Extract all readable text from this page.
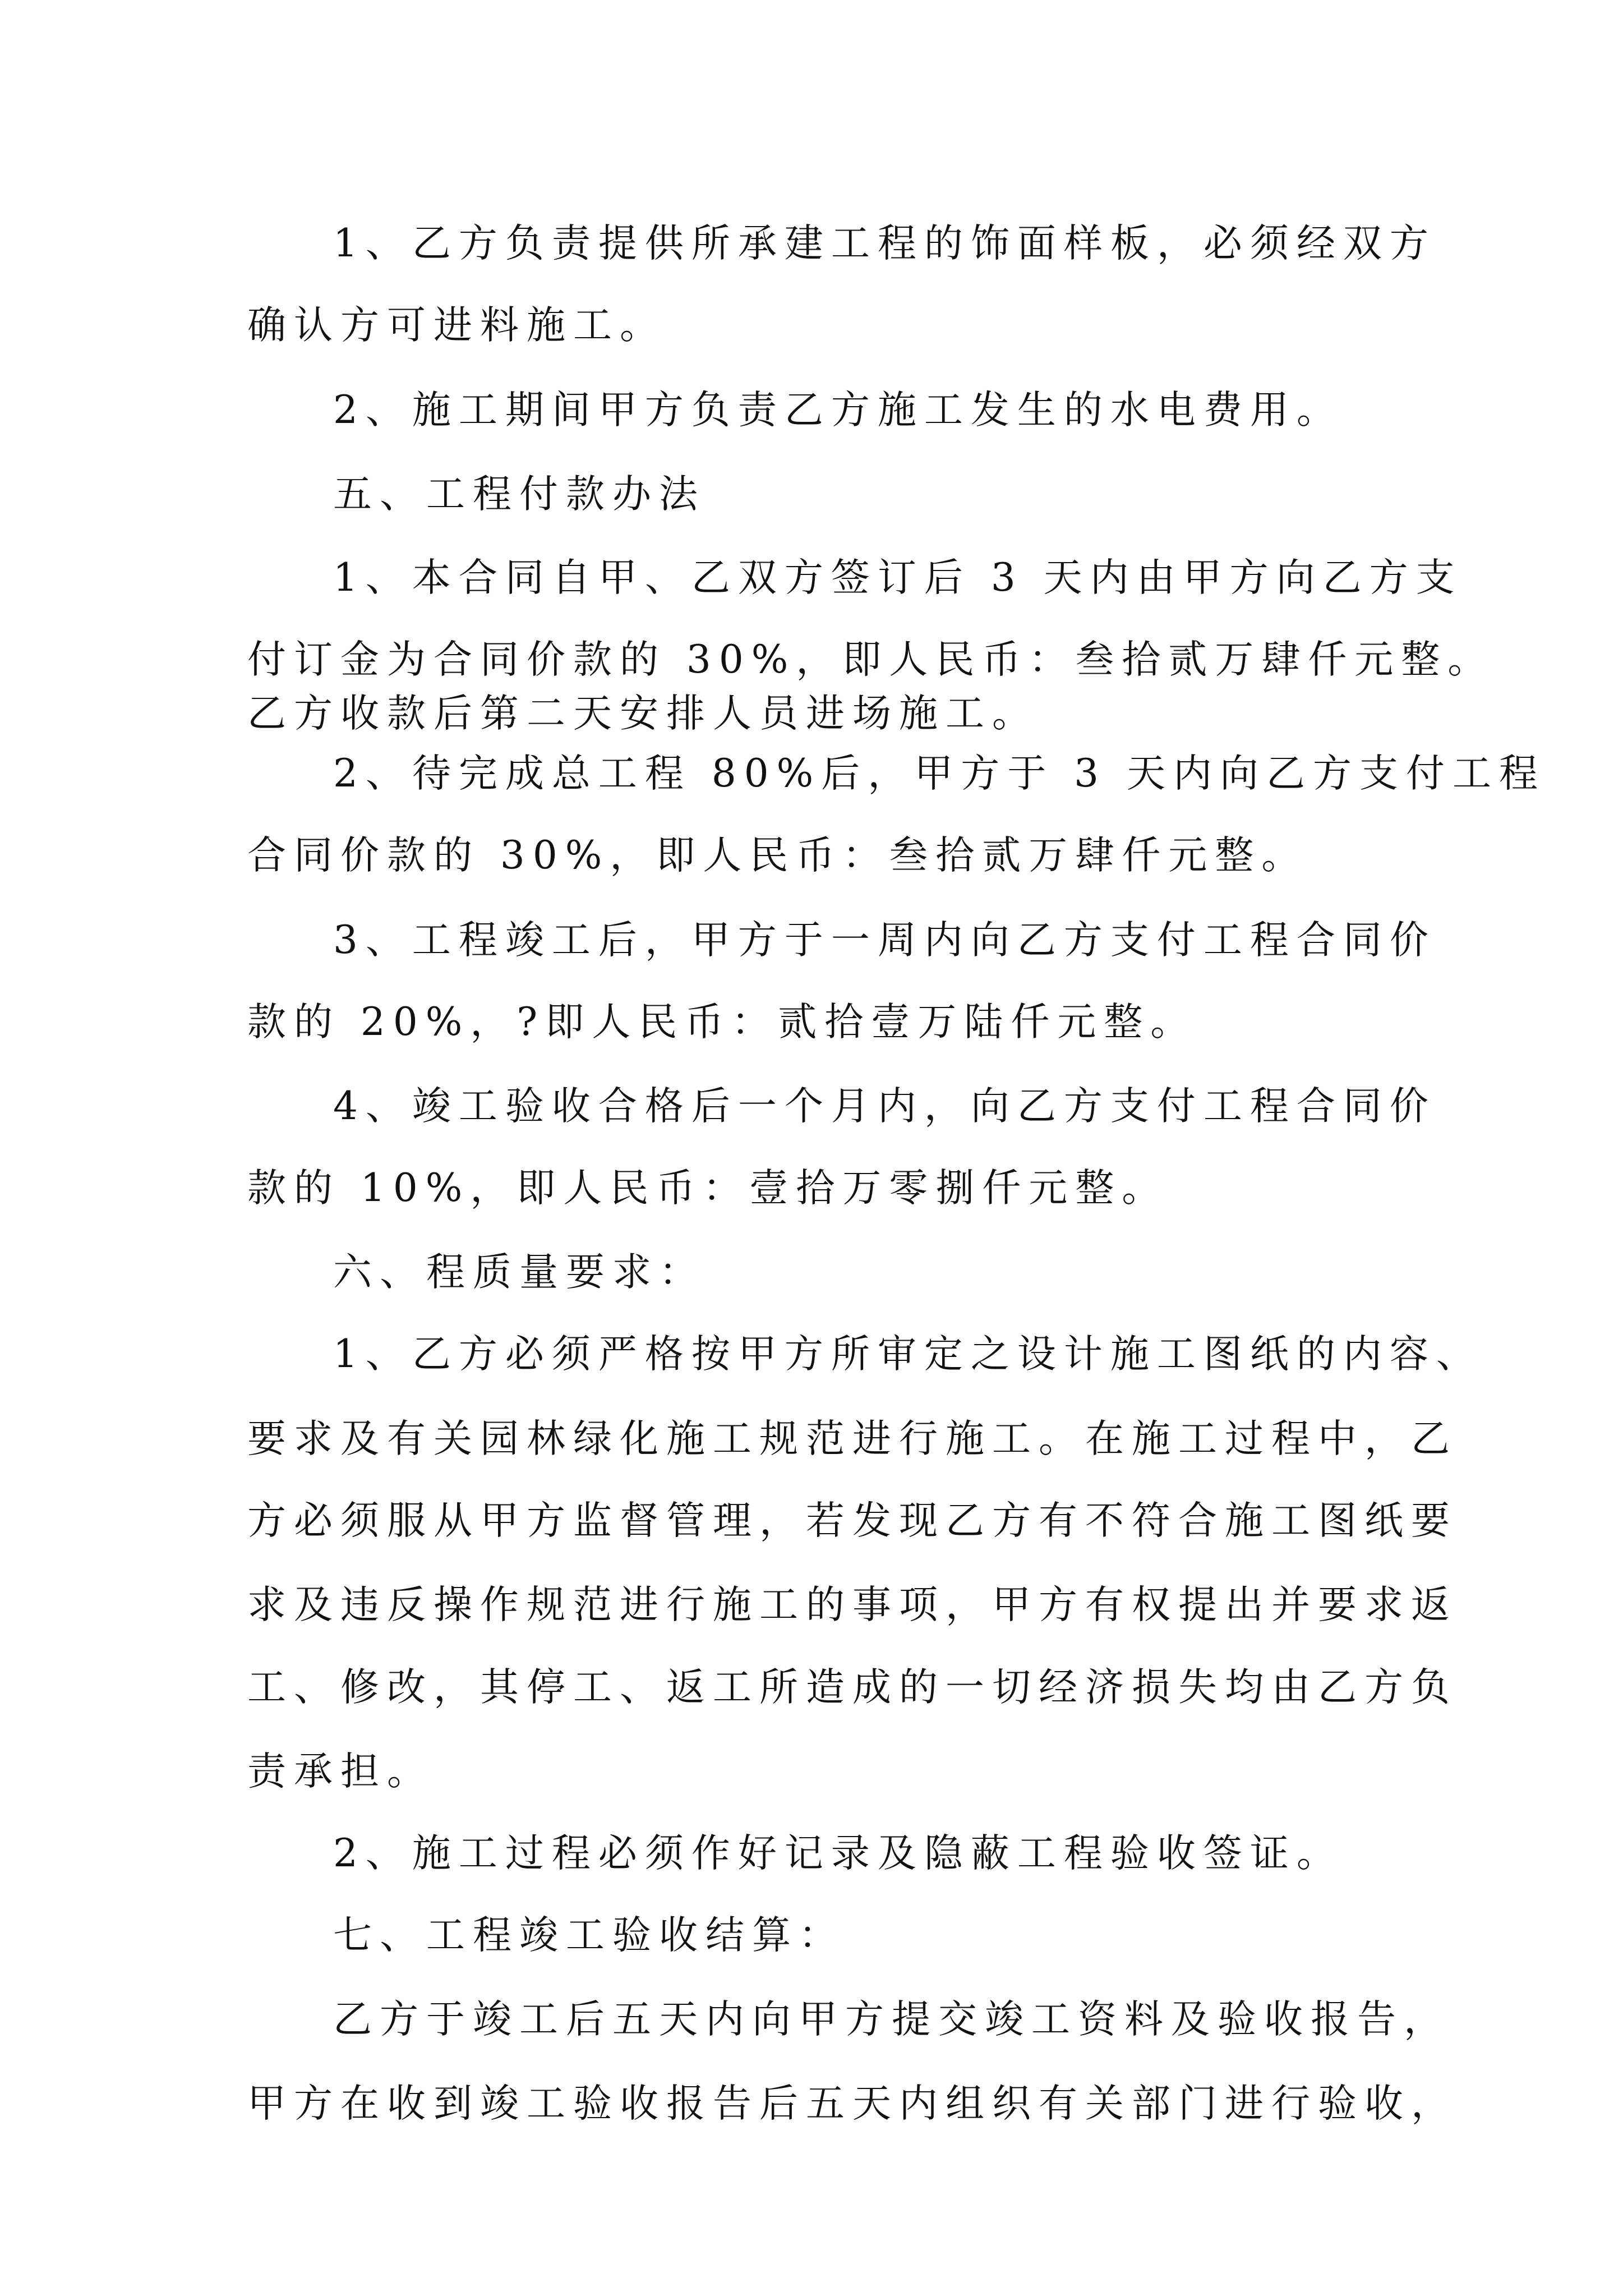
1、乙方负责提供所承建工程的饰面样板，必须经双方
确认方可进料施工。
2、施工期间甲方负责乙方施工发生的水电费用。
五、工程付款办法
1、本合同自甲、乙双方签订后 3 天内由甲方向乙方支
付订金为合同价款的 30%，即人民币：叁拾贰万肆仟元整。
乙方收款后第二天安排人员进场施工。
2、待完成总工程 80%后，甲方于 3 天内向乙方支付工程
合同价款的 30%，即人民币：叁拾贰万肆仟元整。
3、工程竣工后，甲方于一周内向乙方支付工程合同价
款的 20%，?即人民币：贰拾壹万陆仟元整。
4、竣工验收合格后一个月内，向乙方支付工程合同价
款的 10%，即人民币：壹拾万零捌仟元整。
六、程质量要求：
1、乙方必须严格按甲方所审定之设计施工图纸的内容、
要求及有关园林绿化施工规范进行施工。在施工过程中，乙
方必须服从甲方监督管理，若发现乙方有不符合施工图纸要
求及违反操作规范进行施工的事项，甲方有权提出并要求返
工、修改，其停工、返工所造成的一切经济损失均由乙方负
责承担。
2、施工过程必须作好记录及隐蔽工程验收签证。
七、工程竣工验收结算：
乙方于竣工后五天内向甲方提交竣工资料及验收报告，
甲方在收到竣工验收报告后五天内组织有关部门进行验收，
